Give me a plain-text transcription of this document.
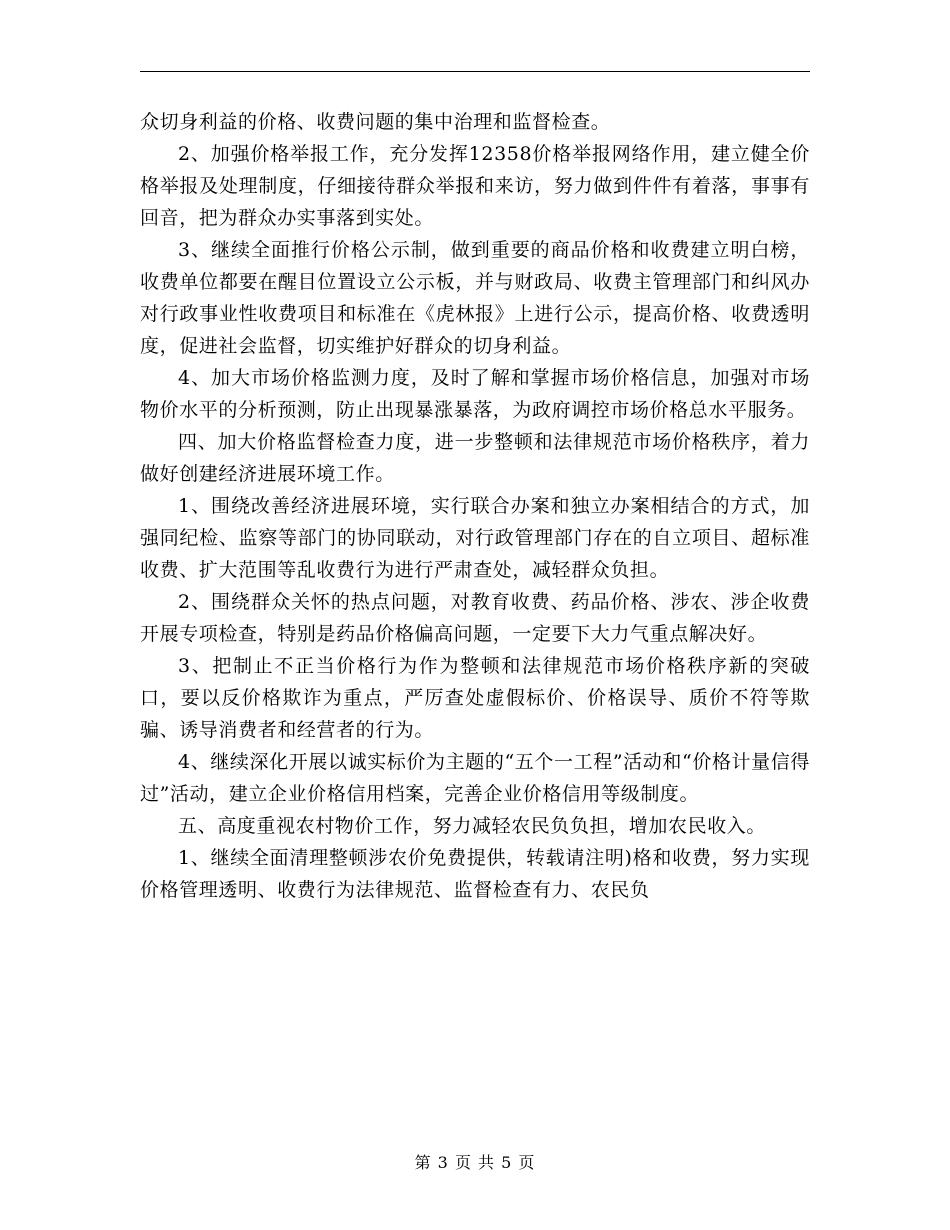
众切身利益的价格、收费问题的集中治理和监督检查。

2、加强价格举报工作，充分发挥12358价格举报网络作用，建立健全价格举报及处理制度，仔细接待群众举报和来访，努力做到件件有着落，事事有回音，把为群众办实事落到实处。

3、继续全面推行价格公示制，做到重要的商品价格和收费建立明白榜，收费单位都要在醒目位置设立公示板，并与财政局、收费主管理部门和纠风办对行政事业性收费项目和标准在《虎林报》上进行公示，提高价格、收费透明度，促进社会监督，切实维护好群众的切身利益。

4、加大市场价格监测力度，及时了解和掌握市场价格信息，加强对市场物价水平的分析预测，防止出现暴涨暴落，为政府调控市场价格总水平服务。

四、加大价格监督检查力度，进一步整顿和法律规范市场价格秩序，着力做好创建经济进展环境工作。

1、围绕改善经济进展环境，实行联合办案和独立办案相结合的方式，加强同纪检、监察等部门的协同联动，对行政管理部门存在的自立项目、超标准收费、扩大范围等乱收费行为进行严肃查处，减轻群众负担。

2、围绕群众关怀的热点问题，对教育收费、药品价格、涉农、涉企收费开展专项检查，特别是药品价格偏高问题，一定要下大力气重点解决好。

3、把制止不正当价格行为作为整顿和法律规范市场价格秩序新的突破口，要以反价格欺诈为重点，严厉查处虚假标价、价格误导、质价不符等欺骗、诱导消费者和经营者的行为。

4、继续深化开展以诚实标价为主题的“五个一工程”活动和“价格计量信得过”活动，建立企业价格信用档案，完善企业价格信用等级制度。

五、高度重视农村物价工作，努力减轻农民负负担，增加农民收入。

1、继续全面清理整顿涉农价免费提供，转载请注明)格和收费，努力实现价格管理透明、收费行为法律规范、监督检查有力、农民负

第 3 页 共 5 页
